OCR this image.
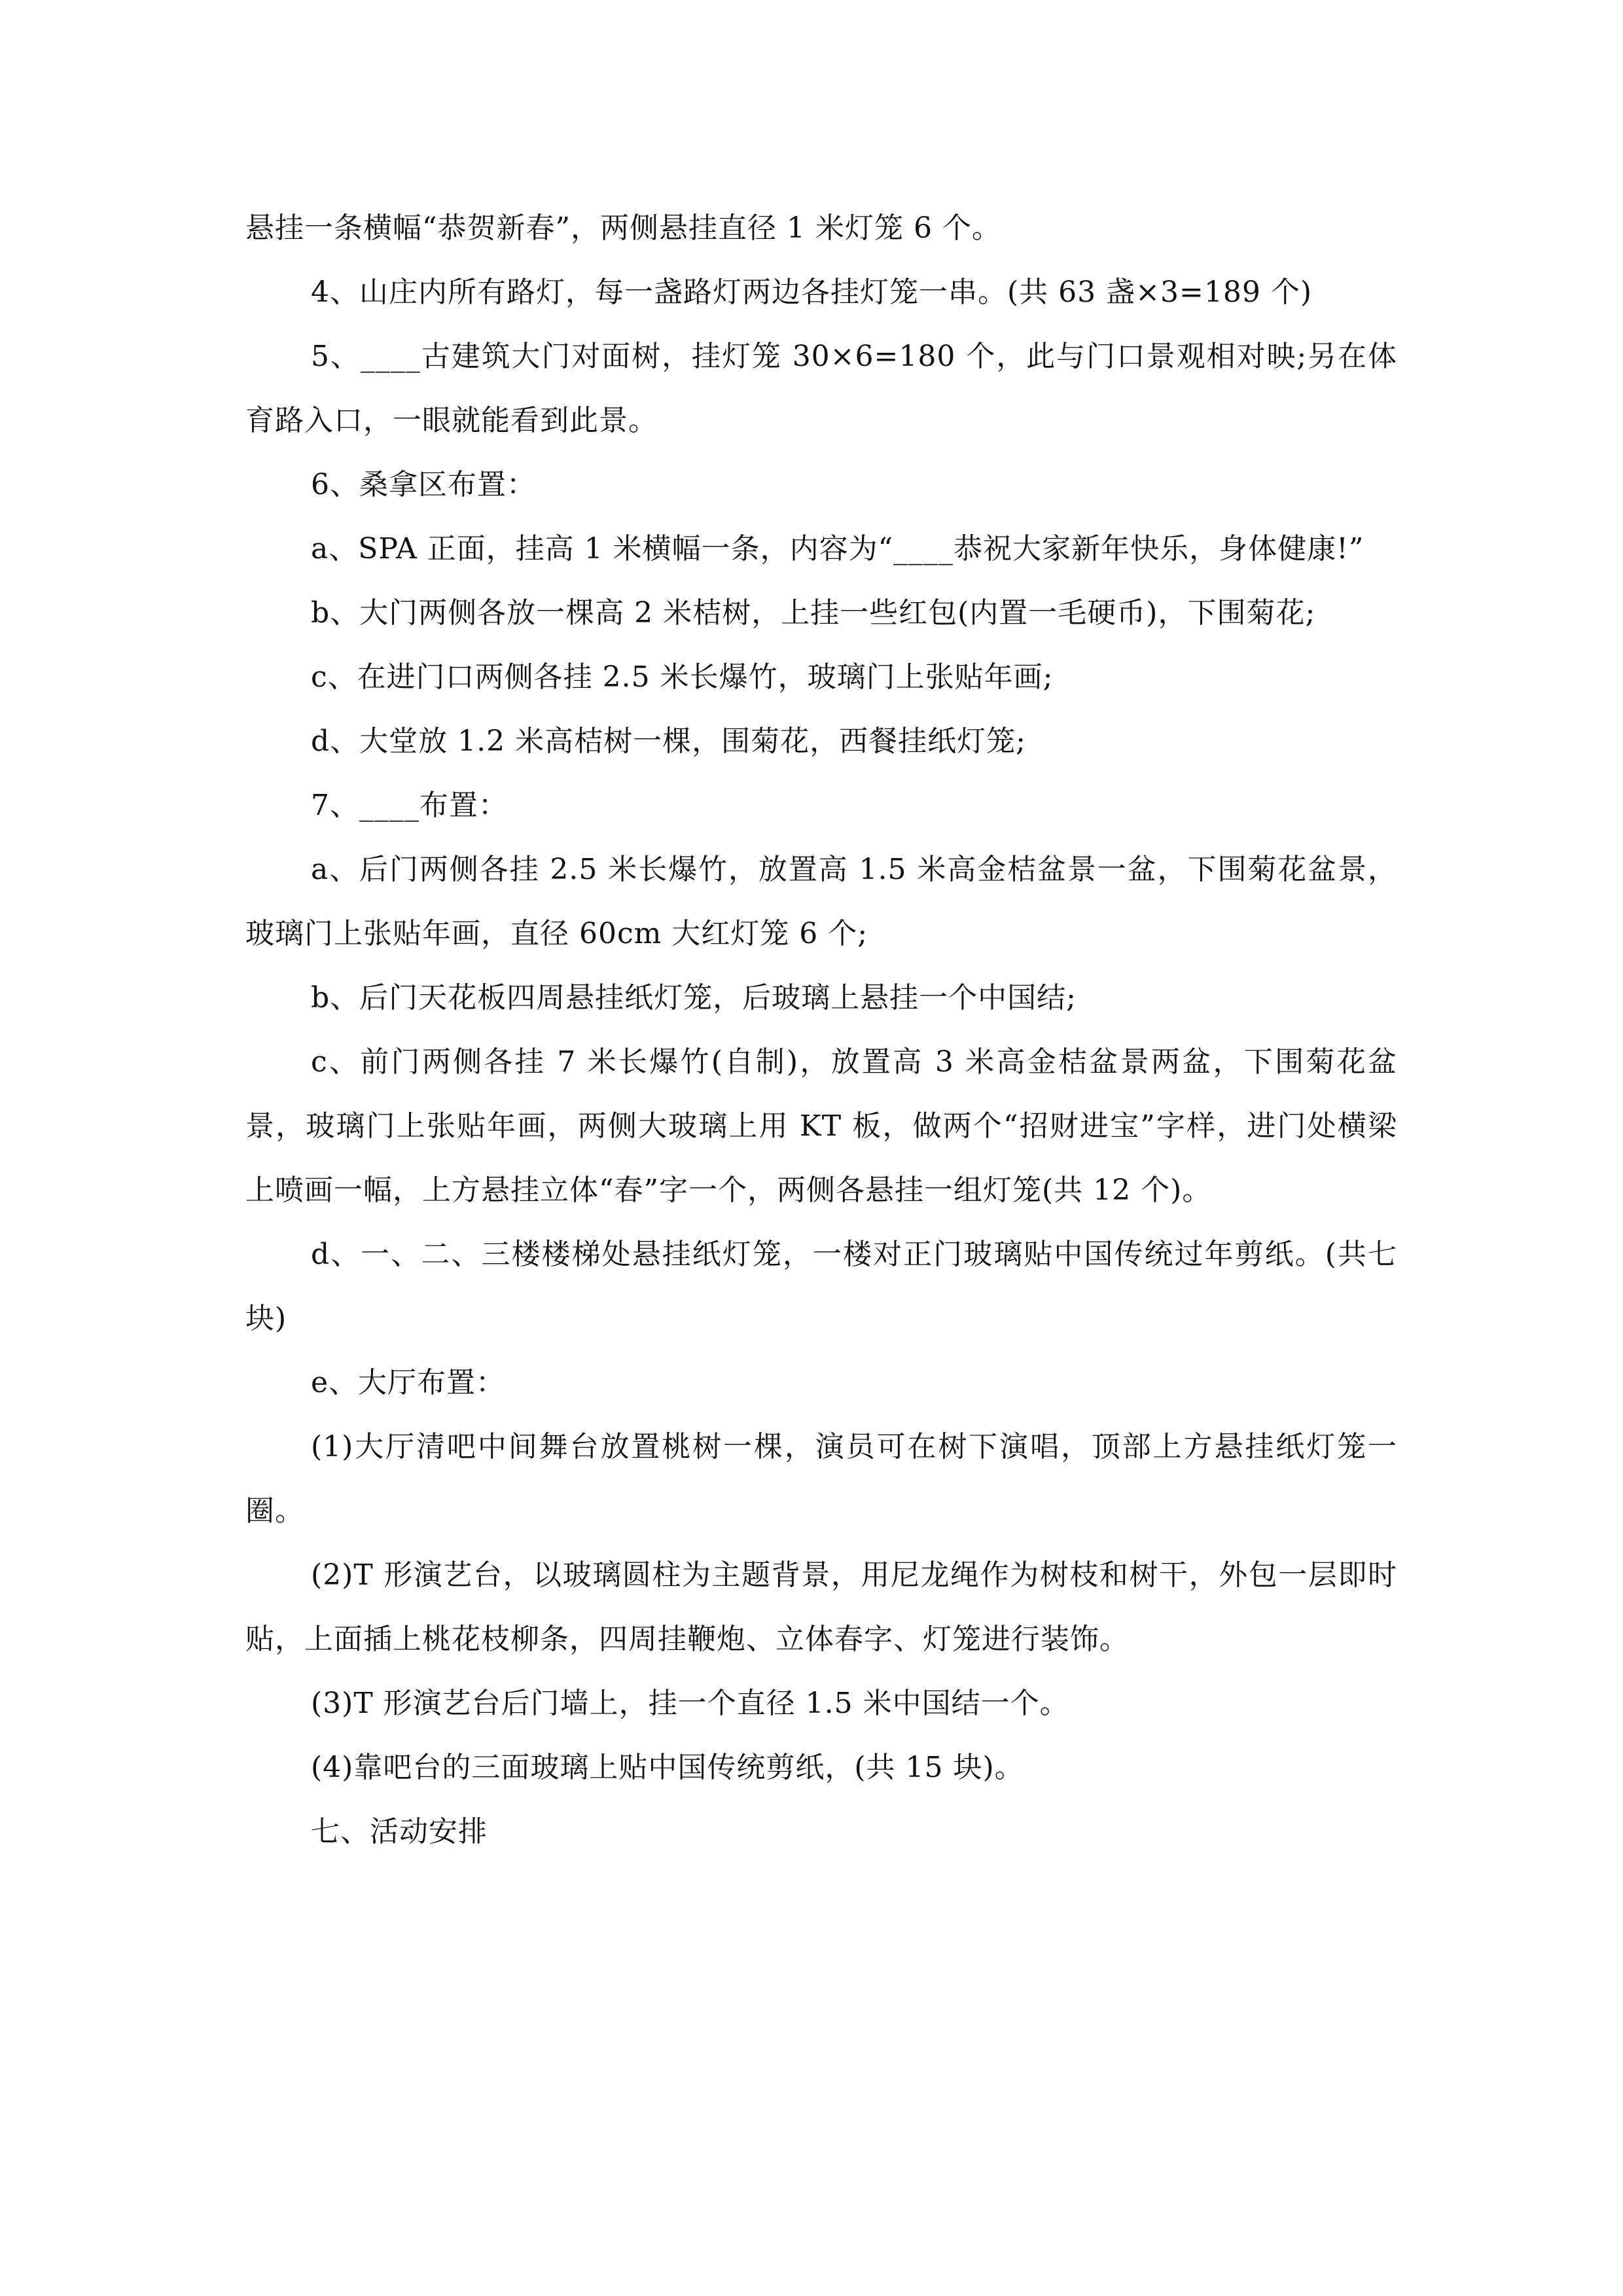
悬挂一条横幅“恭贺新春”，两侧悬挂直径 1 米灯笼 6 个。

4、山庄内所有路灯，每一盏路灯两边各挂灯笼一串。(共 63 盏×3=189 个)

5、____古建筑大门对面树，挂灯笼 30×6=180 个，此与门口景观相对映;另在体育路入口，一眼就能看到此景。

6、桑拿区布置：

a、SPA 正面，挂高 1 米横幅一条，内容为“____恭祝大家新年快乐，身体健康!”

b、大门两侧各放一棵高 2 米桔树，上挂一些红包(内置一毛硬币)，下围菊花;

c、在进门口两侧各挂 2.5 米长爆竹，玻璃门上张贴年画;

d、大堂放 1.2 米高桔树一棵，围菊花，西餐挂纸灯笼;

7、____布置：

a、后门两侧各挂 2.5 米长爆竹，放置高 1.5 米高金桔盆景一盆，下围菊花盆景，玻璃门上张贴年画，直径 60cm 大红灯笼 6 个;

b、后门天花板四周悬挂纸灯笼，后玻璃上悬挂一个中国结;

c、前门两侧各挂 7 米长爆竹(自制)，放置高 3 米高金桔盆景两盆，下围菊花盆景，玻璃门上张贴年画，两侧大玻璃上用 KT 板，做两个“招财进宝”字样，进门处横梁上喷画一幅，上方悬挂立体“春”字一个，两侧各悬挂一组灯笼(共 12 个)。

d、一、二、三楼楼梯处悬挂纸灯笼，一楼对正门玻璃贴中国传统过年剪纸。(共七块)

e、大厅布置：

(1)大厅清吧中间舞台放置桃树一棵，演员可在树下演唱，顶部上方悬挂纸灯笼一圈。

(2)T 形演艺台，以玻璃圆柱为主题背景，用尼龙绳作为树枝和树干，外包一层即时贴，上面插上桃花枝柳条，四周挂鞭炮、立体春字、灯笼进行装饰。

(3)T 形演艺台后门墙上，挂一个直径 1.5 米中国结一个。

(4)靠吧台的三面玻璃上贴中国传统剪纸，(共 15 块)。

七、活动安排
